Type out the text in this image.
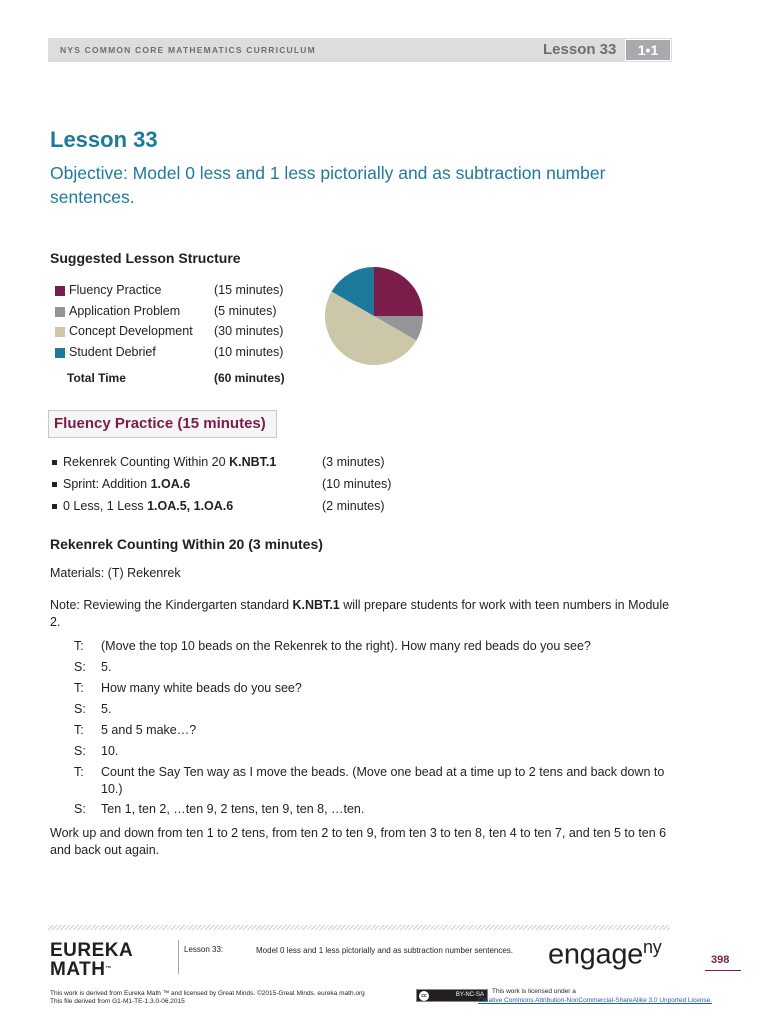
NYS COMMON CORE MATHEMATICS CURRICULUM	Lesson 33	1•1
Lesson 33
Objective: Model 0 less and 1 less pictorially and as subtraction number sentences.
Suggested Lesson Structure
Fluency Practice	(15 minutes)
Application Problem	(5 minutes)
Concept Development (30 minutes)
Student Debrief	(10 minutes)
Total Time	(60 minutes)
Fluency Practice (15 minutes)
Rekenrek Counting Within 20 K.NBT.1	(3 minutes)
Sprint: Addition 1.OA.6	(10 minutes)
0 Less, 1 Less 1.OA.5, 1.OA.6	(2 minutes)
Rekenrek Counting Within 20 (3 minutes)
Materials: (T) Rekenrek
Note: Reviewing the Kindergarten standard K.NBT.1 will prepare students for work with teen numbers in Module 2.
T: (Move the top 10 beads on the Rekenrek to the right). How many red beads do you see?
S: 5.
T: How many white beads do you see?
S: 5.
T: 5 and 5 make…?
S: 10.
T: Count the Say Ten way as I move the beads. (Move one bead at a time up to 2 tens and back down to 10.)
S: Ten 1, ten 2, …ten 9, 2 tens, ten 9, ten 8, …ten.
Work up and down from ten 1 to 2 tens, from ten 2 to ten 9, from ten 3 to ten 8, ten 4 to ten 7, and ten 5 to ten 6 and back out again.
EUREKA
MATH™
Lesson 33:	Model 0 less and 1 less pictorially and as subtraction number sentences. engage$^{ny}$
398
This work is derived from Eureka Math ™ and licensed by Great Minds. ©2015-Great Minds. eureka math.org
This file derived from G1-M1-TE-1.3.0-06.2015
cc	BY-NC-SA	This work is licensed under a
Creative Commons Attribution-NonCommercial-ShareAlike 3.0 Unported License.
